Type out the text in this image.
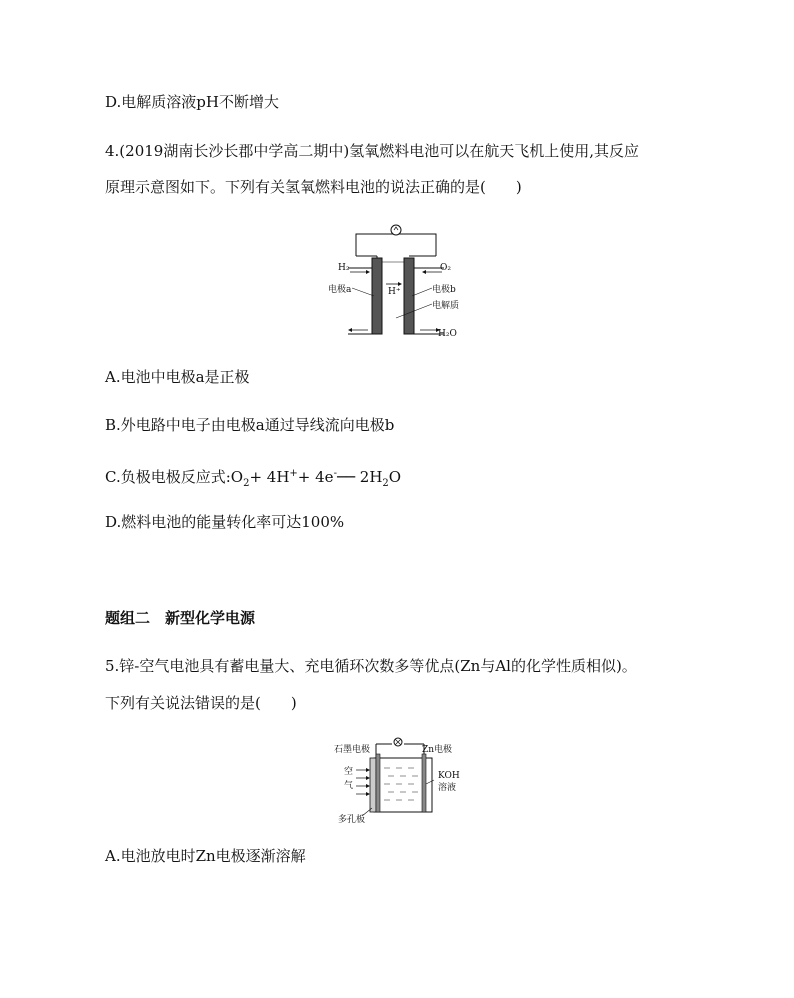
D.电解质溶液pH不断增大
4.(2019湖南长沙长郡中学高二期中)氢氧燃料电池可以在航天飞机上使用,其反应
原理示意图如下。下列有关氢氧燃料电池的说法正确的是(　　)
H₂	O₂
电极a	H⁺	电极b
电解质
H₂O
A.电池中电极a是正极
B.外电路中电子由电极a通过导线流向电极b
C.负极电极反应式$:O_2+ 4H^++$ 4e-── $2H_2O$
D.燃料电池的能量转化率可达100%
题组二　新型化学电源
5.锌-空气电池具有蓄电量大、充电循环次数多等优点(Zn与Al的化学性质相似)。
下列有关说法错误的是(　　)
石墨电极	Zn电极
空
气
KOH
溶液
多孔板
A.电池放电时Zn电极逐渐溶解
